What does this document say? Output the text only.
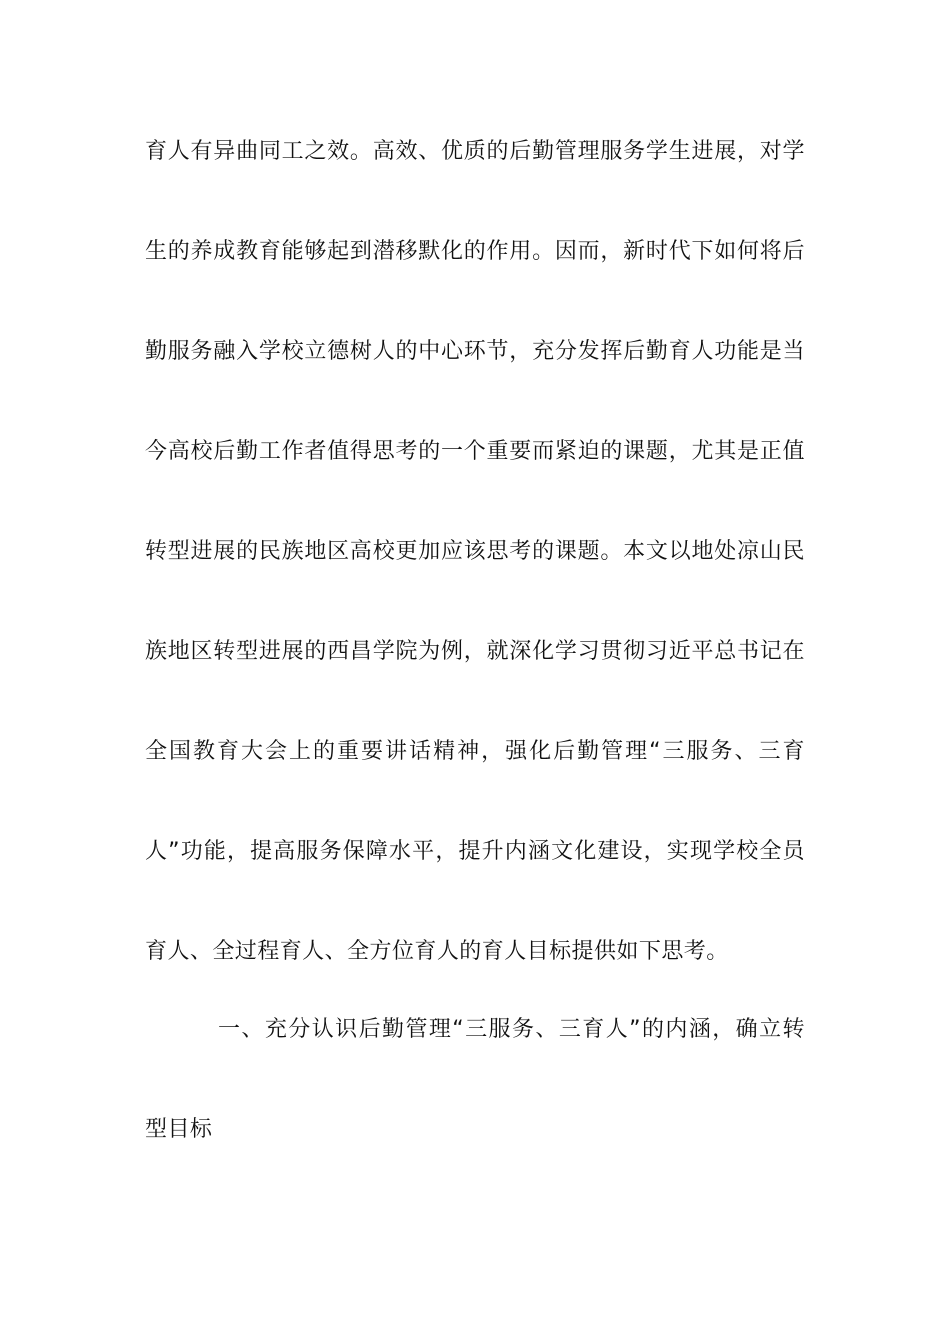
育人有异曲同工之效。高效、优质的后勤管理服务学生进展，对学
生的养成教育能够起到潜移默化的作用。因而，新时代下如何将后
勤服务融入学校立德树人的中心环节，充分发挥后勤育人功能是当
今高校后勤工作者值得思考的一个重要而紧迫的课题，尤其是正值
转型进展的民族地区高校更加应该思考的课题。本文以地处凉山民
族地区转型进展的西昌学院为例，就深化学习贯彻习近平总书记在
全国教育大会上的重要讲话精神，强化后勤管理“三服务、三育
人”功能，提高服务保障水平，提升内涵文化建设，实现学校全员
育人、全过程育人、全方位育人的育人目标提供如下思考。
一、充分认识后勤管理“三服务、三育人”的内涵，确立转
型目标
